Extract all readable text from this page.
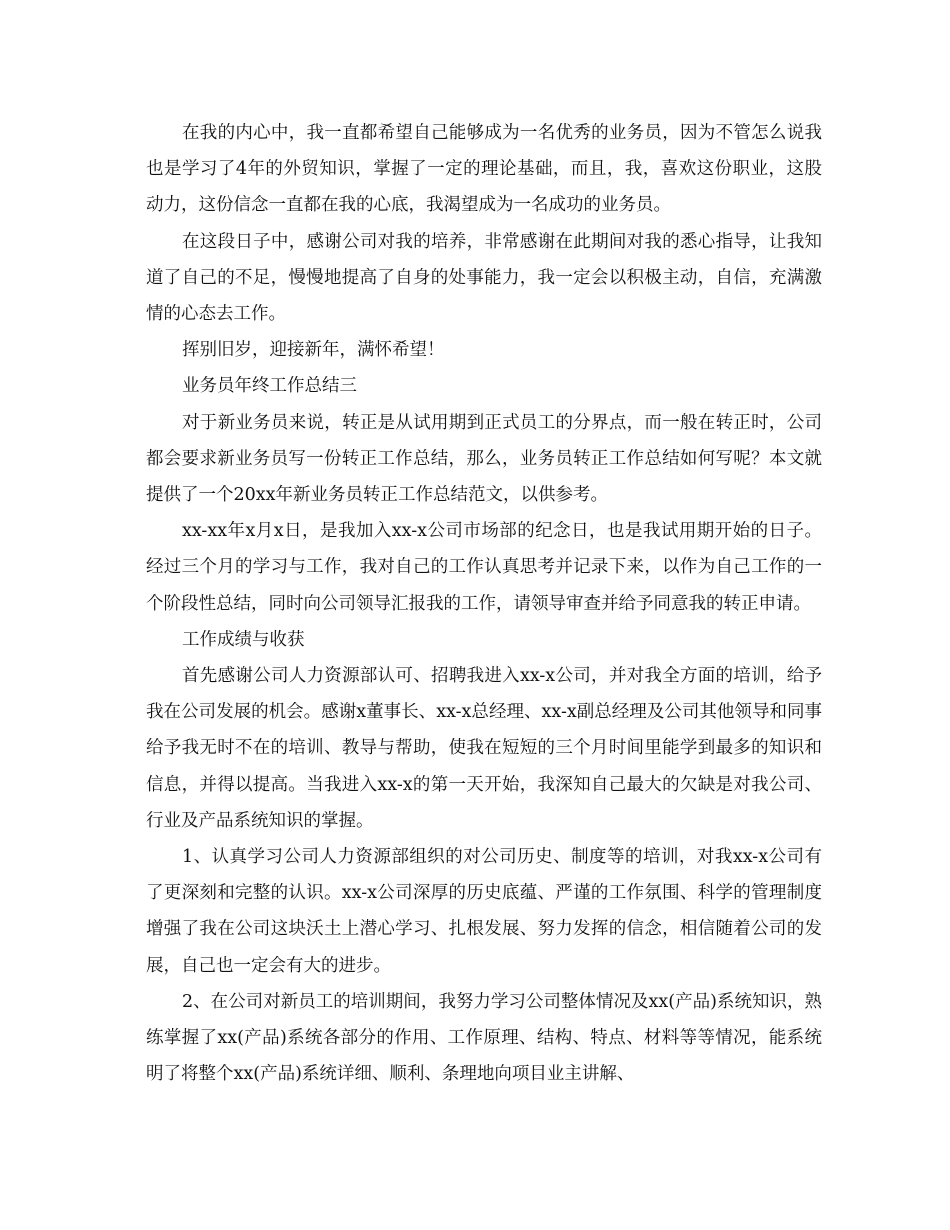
在我的内心中，我一直都希望自己能够成为一名优秀的业务员，因为不管怎么说我也是学习了4年的外贸知识，掌握了一定的理论基础，而且，我，喜欢这份职业，这股动力，这份信念一直都在我的心底，我渴望成为一名成功的业务员。

在这段日子中，感谢公司对我的培养，非常感谢在此期间对我的悉心指导，让我知道了自己的不足，慢慢地提高了自身的处事能力，我一定会以积极主动，自信，充满激情的心态去工作。

挥别旧岁，迎接新年，满怀希望！

业务员年终工作总结三

对于新业务员来说，转正是从试用期到正式员工的分界点，而一般在转正时，公司都会要求新业务员写一份转正工作总结，那么，业务员转正工作总结如何写呢？本文就提供了一个20xx年新业务员转正工作总结范文，以供参考。

xx-xx年x月x日，是我加入xx-x公司市场部的纪念日，也是我试用期开始的日子。经过三个月的学习与工作，我对自己的工作认真思考并记录下来，以作为自己工作的一个阶段性总结，同时向公司领导汇报我的工作，请领导审查并给予同意我的转正申请。

工作成绩与收获

首先感谢公司人力资源部认可、招聘我进入xx-x公司，并对我全方面的培训，给予我在公司发展的机会。感谢x董事长、xx-x总经理、xx-x副总经理及公司其他领导和同事给予我无时不在的培训、教导与帮助，使我在短短的三个月时间里能学到最多的知识和信息，并得以提高。当我进入xx-x的第一天开始，我深知自己最大的欠缺是对我公司、行业及产品系统知识的掌握。

1、认真学习公司人力资源部组织的对公司历史、制度等的培训，对我xx-x公司有了更深刻和完整的认识。xx-x公司深厚的历史底蕴、严谨的工作氛围、科学的管理制度增强了我在公司这块沃土上潜心学习、扎根发展、努力发挥的信念，相信随着公司的发展，自己也一定会有大的进步。

2、在公司对新员工的培训期间，我努力学习公司整体情况及xx(产品)系统知识，熟练掌握了xx(产品)系统各部分的作用、工作原理、结构、特点、材料等等情况，能系统明了将整个xx(产品)系统详细、顺利、条理地向项目业主讲解、
